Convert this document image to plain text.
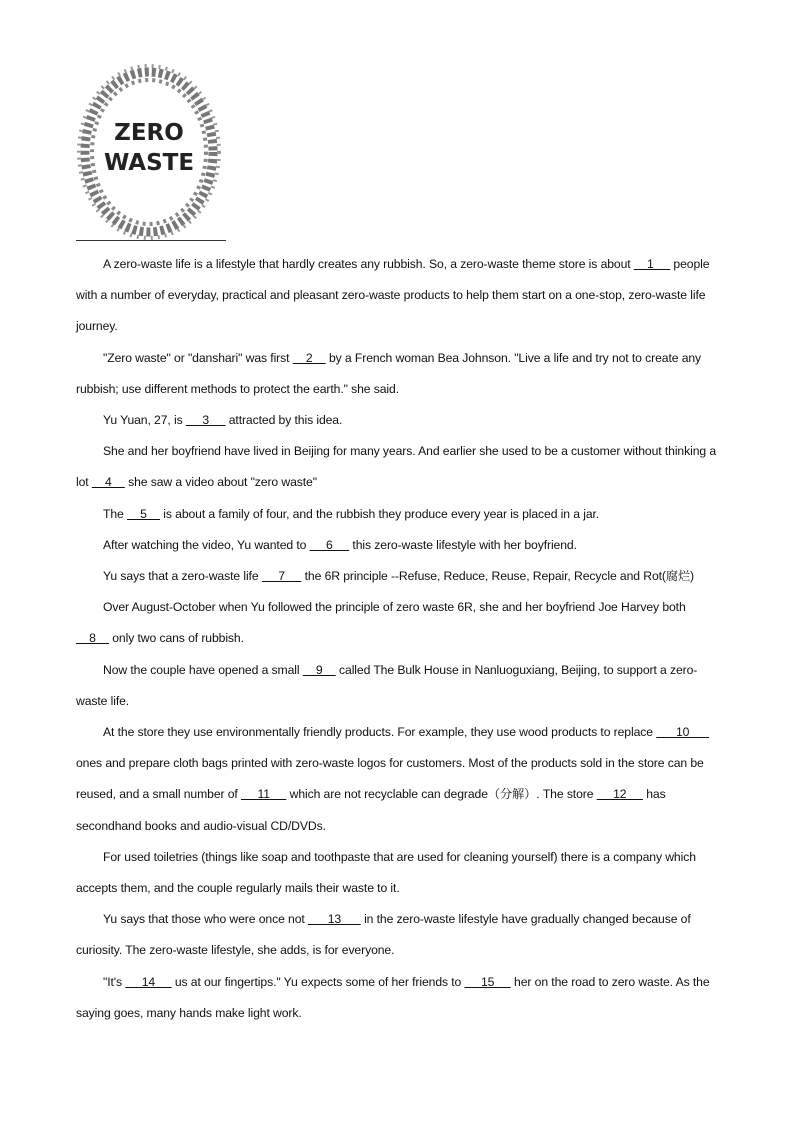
ZERO
WASTE

A zero-waste life is a lifestyle that hardly creates any rubbish. So, a zero-waste theme store is about     1      people with a number of everyday, practical and pleasant zero-waste products to help them start on a one-stop, zero-waste life journey.

"Zero waste" or "danshari" was first     2     by a French woman Bea Johnson. "Live a life and try not to create any rubbish; use different methods to protect the earth." she said.

Yu Yuan, 27, is      3      attracted by this idea.

She and her boyfriend have lived in Beijing for many years. And earlier she used to be a customer without thinking a lot     4     she saw a video about "zero waste"

The     5     is about a family of four, and the rubbish they produce every year is placed in a jar.

After watching the video, Yu wanted to      6      this zero-waste lifestyle with her boyfriend.

Yu says that a zero-waste life      7      the 6R principle --Refuse, Reduce, Reuse, Repair, Recycle and Rot(腐烂)

Over August-October when Yu followed the principle of zero waste 6R, she and her boyfriend Joe Harvey both     8     only two cans of rubbish.

Now the couple have opened a small     9     called The Bulk House in Nanluoguxiang, Beijing, to support a zero-waste life.

At the store they use environmentally friendly products. For example, they use wood products to replace       10       ones and prepare cloth bags printed with zero-waste logos for customers. Most of the products sold in the store can be reused, and a small number of      11      which are not recyclable can degrade（分解）. The store      12      has secondhand books and audio-visual CD/DVDs.

For used toiletries (things like soap and toothpaste that are used for cleaning yourself) there is a company which accepts them, and the couple regularly mails their waste to it.

Yu says that those who were once not       13       in the zero-waste lifestyle have gradually changed because of curiosity. The zero-waste lifestyle, she adds, is for everyone.

"It's      14      us at our fingertips." Yu expects some of her friends to      15      her on the road to zero waste. As the saying goes, many hands make light work.
